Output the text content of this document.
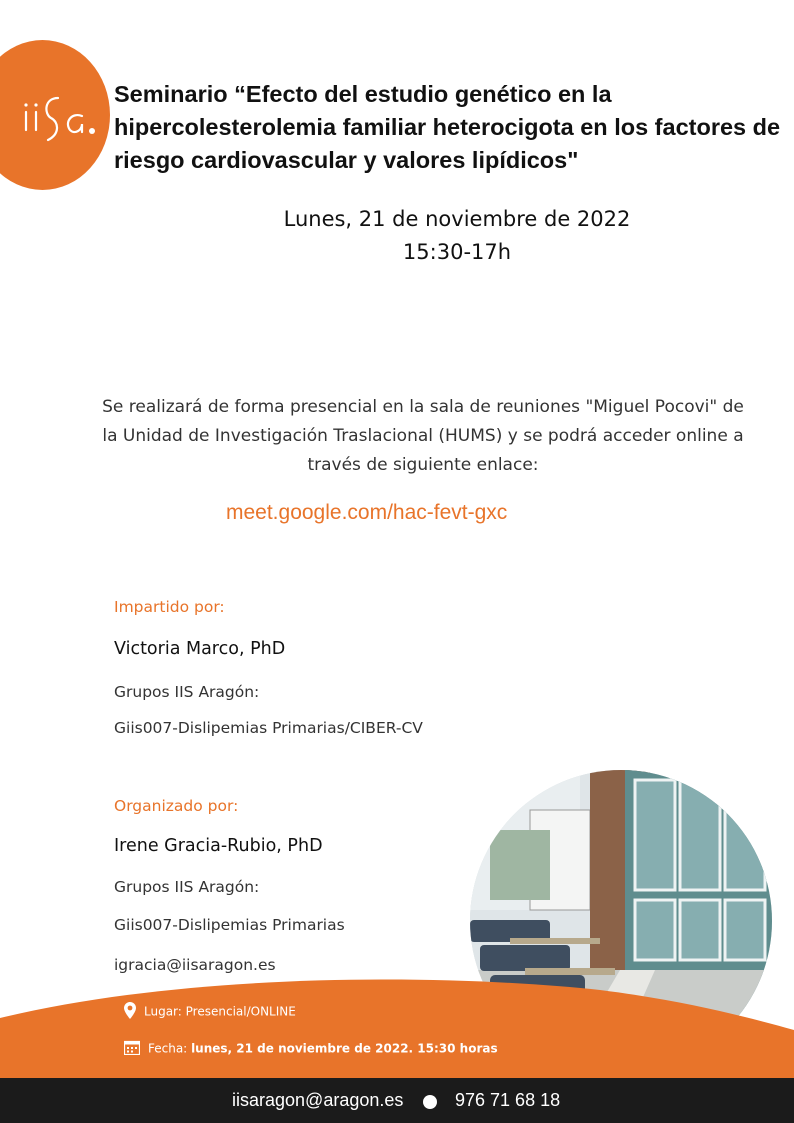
Seminario “Efecto del estudio genético en la hipercolesterolemia familiar heterocigota en los factores de riesgo cardiovascular y valores lipídicos"
Lunes, 21 de noviembre de 2022
15:30-17h
Se realizará de forma presencial en la sala de reuniones "Miguel Pocovi" de la Unidad de Investigación Traslacional (HUMS) y se podrá acceder online a través de siguiente enlace:
meet.google.com/hac-fevt-gxc
Impartido por:
Victoria Marco, PhD
Grupos IIS Aragón:
Giis007-Dislipemias Primarias/CIBER-CV
Organizado por:
Irene Gracia-Rubio, PhD
Grupos IIS Aragón:
Giis007-Dislipemias Primarias
igracia@iisaragon.es
Lugar: Presencial/ONLINE
Fecha: lunes, 21 de noviembre de 2022. 15:30 horas
iisaragon@aragon.es	976 71 68 18
